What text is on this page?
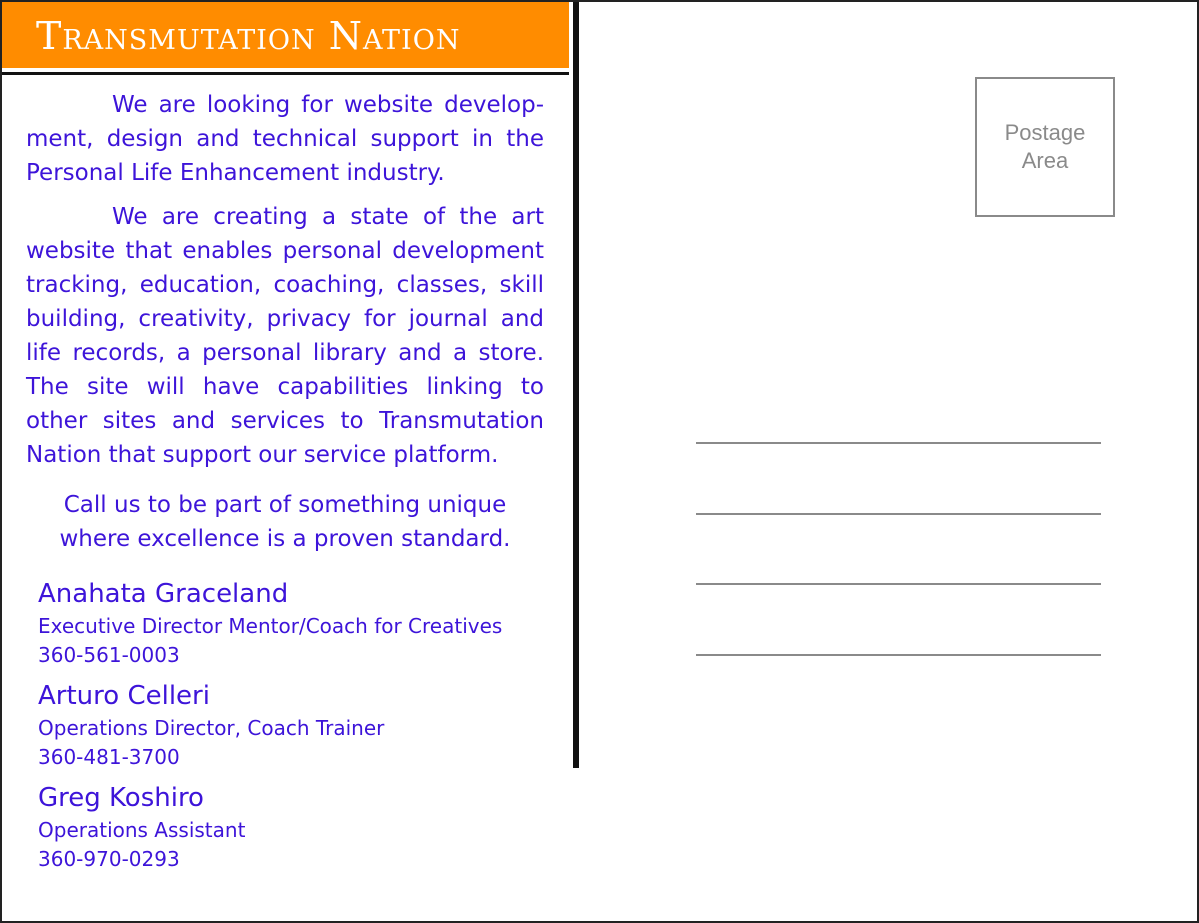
Transmutation Nation

We are looking for website develop-ment, design and technical support in the Personal Life Enhancement industry.

We are creating a state of the art website that enables personal development tracking, education, coaching, classes, skill building, creativity, privacy for journal and life records, a personal library and a store. The site will have capabilities linking to other sites and services to Transmutation Nation that support our service platform.

Call us to be part of something unique where excellence is a proven standard.

Anahata Graceland
Executive Director Mentor/Coach for Creatives
360-561-0003
Arturo Celleri
Operations Director, Coach Trainer
360-481-3700
Greg Koshiro
Operations Assistant
360-970-0293
Postage
Area
